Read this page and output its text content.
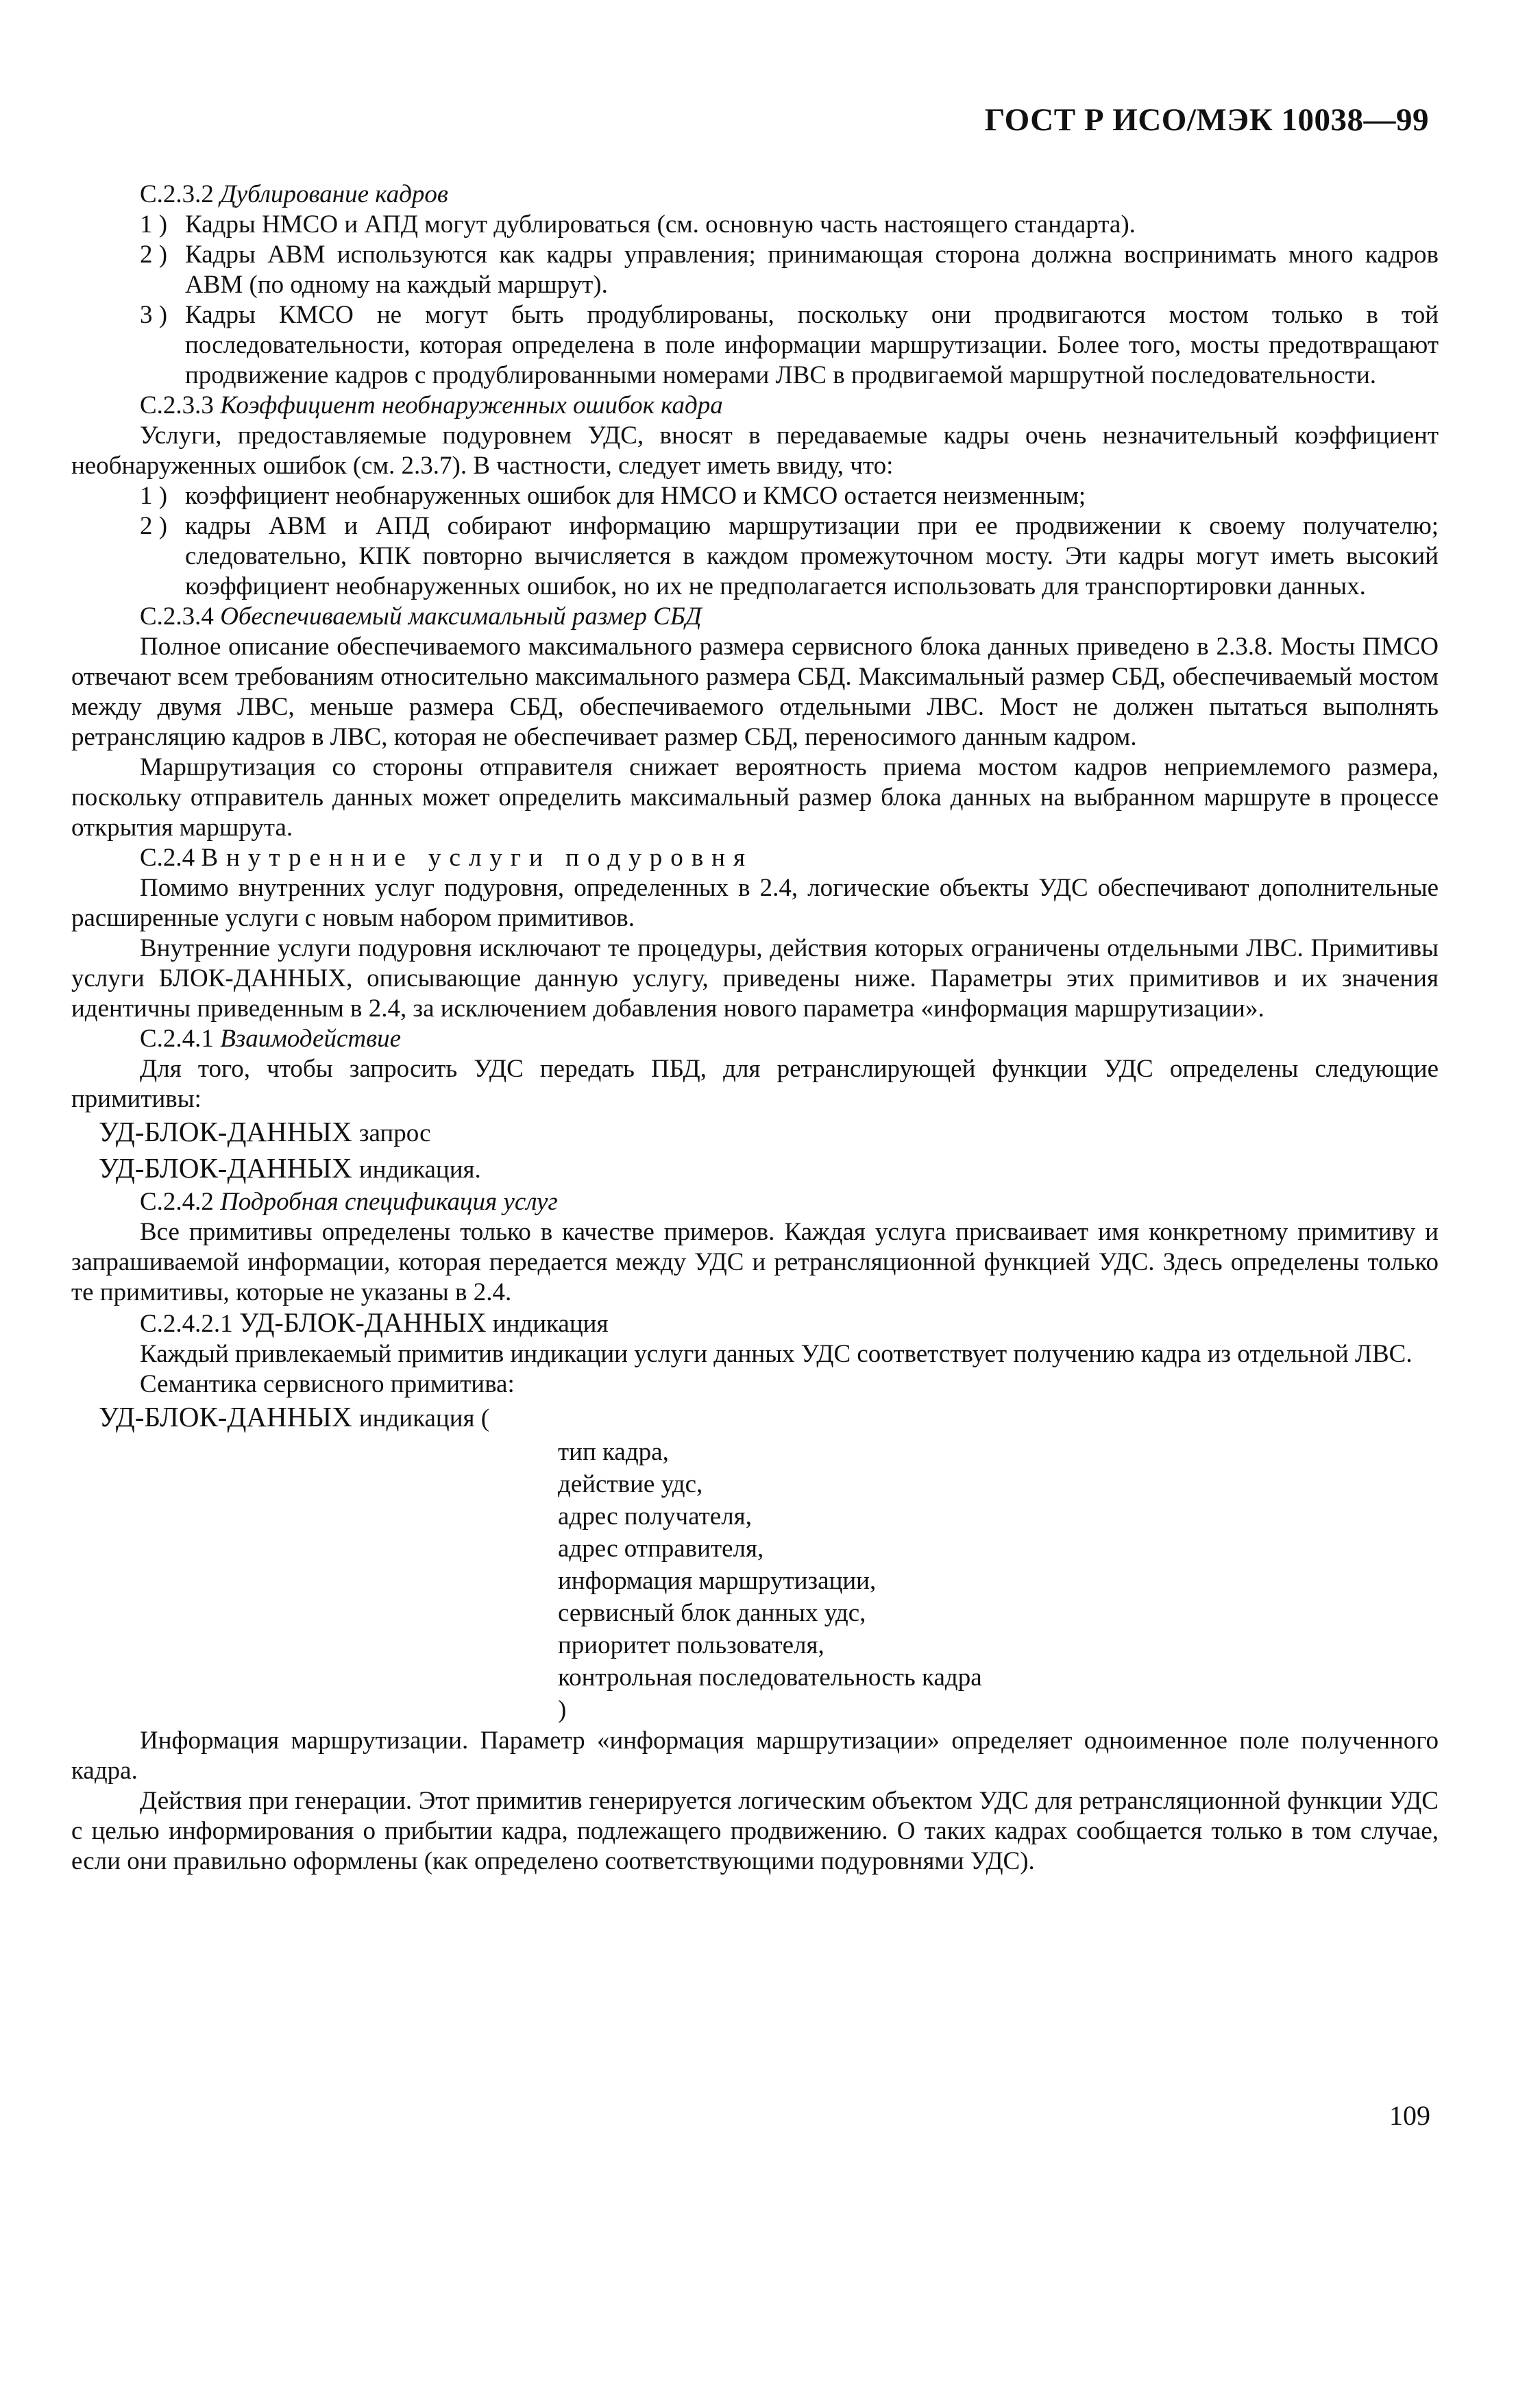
ГОСТ Р ИСО/МЭК 10038—99
C.2.3.2 Дублирование кадров
1 ) Кадры НМСО и АПД могут дублироваться (см. основную часть настоящего стандарта).
2 ) Кадры АВМ используются как кадры управления; принимающая сторона должна воспринимать много кадров АВМ (по одному на каждый маршрут).
3 ) Кадры КМСО не могут быть продублированы, поскольку они продвигаются мостом только в той последовательности, которая определена в поле информации маршрутизации. Более того, мосты предотвращают продвижение кадров с продублированными номерами ЛВС в продвигаемой маршрутной последовательности.
C.2.3.3 Коэффициент необнаруженных ошибок кадра
Услуги, предоставляемые подуровнем УДС, вносят в передаваемые кадры очень незначительный коэффициент необнаруженных ошибок (см. 2.3.7). В частности, следует иметь ввиду, что:
1 ) коэффициент необнаруженных ошибок для НМСО и КМСО остается неизменным;
2 ) кадры АВМ и АПД собирают информацию маршрутизации при ее продвижении к своему получателю; следовательно, КПК повторно вычисляется в каждом промежуточном мосту. Эти кадры могут иметь высокий коэффициент необнаруженных ошибок, но их не предполагается использовать для транспортировки данных.
C.2.3.4 Обеспечиваемый максимальный размер СБД
Полное описание обеспечиваемого максимального размера сервисного блока данных приведено в 2.3.8. Мосты ПМСО отвечают всем требованиям относительно максимального размера СБД. Максимальный размер СБД, обеспечиваемый мостом между двумя ЛВС, меньше размера СБД, обеспечиваемого отдельными ЛВС. Мост не должен пытаться выполнять ретрансляцию кадров в ЛВС, которая не обеспечивает размер СБД, переносимого данным кадром.
Маршрутизация со стороны отправителя снижает вероятность приема мостом кадров неприемлемого размера, поскольку отправитель данных может определить максимальный размер блока данных на выбранном маршруте в процессе открытия маршрута.
C.2.4 Внутренние услуги подуровня
Помимо внутренних услуг подуровня, определенных в 2.4, логические объекты УДС обеспечивают дополнительные расширенные услуги с новым набором примитивов.
Внутренние услуги подуровня исключают те процедуры, действия которых ограничены отдельными ЛВС. Примитивы услуги БЛОК-ДАННЫХ, описывающие данную услугу, приведены ниже. Параметры этих примитивов и их значения идентичны приведенным в 2.4, за исключением добавления нового параметра «информация маршрутизации».
C.2.4.1 Взаимодействие
Для того, чтобы запросить УДС передать ПБД, для ретранслирующей функции УДС определены следующие примитивы:
УД-БЛОК-ДАННЫХ запрос
УД-БЛОК-ДАННЫХ индикация.
C.2.4.2 Подробная спецификация услуг
Все примитивы определены только в качестве примеров. Каждая услуга присваивает имя конкретному примитиву и запрашиваемой информации, которая передается между УДС и ретрансляционной функцией УДС. Здесь определены только те примитивы, которые не указаны в 2.4.
C.2.4.2.1 УД-БЛОК-ДАННЫХ индикация
Каждый привлекаемый примитив индикации услуги данных УДС соответствует получению кадра из отдельной ЛВС.
Семантика сервисного примитива:
УД-БЛОК-ДАННЫХ индикация (
тип кадра,
действие удс,
адрес получателя,
адрес отправителя,
информация маршрутизации,
сервисный блок данных удс,
приоритет пользователя,
контрольная последовательность кадра
)
Информация маршрутизации. Параметр «информация маршрутизации» определяет одноименное поле полученного кадра.
Действия при генерации. Этот примитив генерируется логическим объектом УДС для ретрансляционной функции УДС с целью информирования о прибытии кадра, подлежащего продвижению. О таких кадрах сообщается только в том случае, если они правильно оформлены (как определено соответствующими подуровнями УДС).
109
